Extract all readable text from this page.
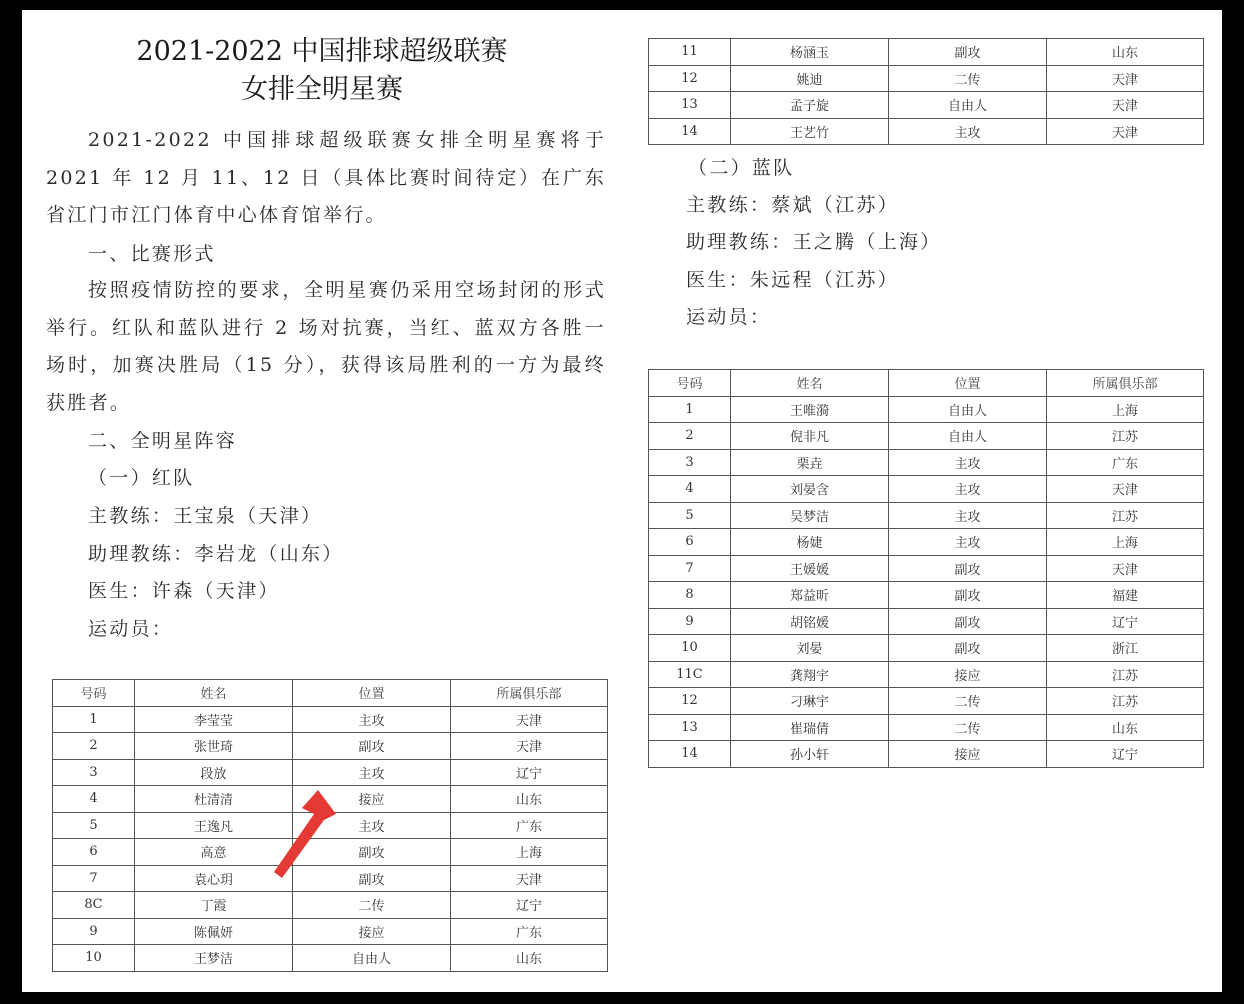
2021-2022 中国排球超级联赛
女排全明星赛
2021-2022 中国排球超级联赛女排全明星赛将于 2021 年 12 月 11、12 日（具体比赛时间待定）在广东省江门市江门体育中心体育馆举行。
一、比赛形式
按照疫情防控的要求，全明星赛仍采用空场封闭的形式举行。红队和蓝队进行 2 场对抗赛，当红、蓝双方各胜一场时，加赛决胜局（15 分），获得该局胜利的一方为最终获胜者。
二、全明星阵容
（一）红队
主教练：王宝泉（天津）
助理教练：李岩龙（山东）
医生：许森（天津）
运动员：
号码	姓名	位置	所属俱乐部
1	李莹莹	主攻	天津
2	张世琦	副攻	天津
3	段放	主攻	辽宁
4	杜清清	接应	山东
5	王逸凡	主攻	广东
6	高意	副攻	上海
7	袁心玥	副攻	天津
8C	丁霞	二传	辽宁
9	陈佩妍	接应	广东
10	王梦洁	自由人	山东
11	杨涵玉	副攻	山东
12	姚迪	二传	天津
13	孟子旋	自由人	天津
14	王艺竹	主攻	天津
（二）蓝队
主教练：蔡斌（江苏）
助理教练：王之腾（上海）
医生：朱远程（江苏）
运动员：
号码	姓名	位置	所属俱乐部
1	王唯漪	自由人	上海
2	倪非凡	自由人	江苏
3	栗垚	主攻	广东
4	刘晏含	主攻	天津
5	吴梦洁	主攻	江苏
6	杨婕	主攻	上海
7	王媛媛	副攻	天津
8	郑益昕	副攻	福建
9	胡铭媛	副攻	辽宁
10	刘晏	副攻	浙江
11C	龚翔宇	接应	江苏
12	刁琳宇	二传	江苏
13	崔瑞倩	二传	山东
14	孙小轩	接应	辽宁
